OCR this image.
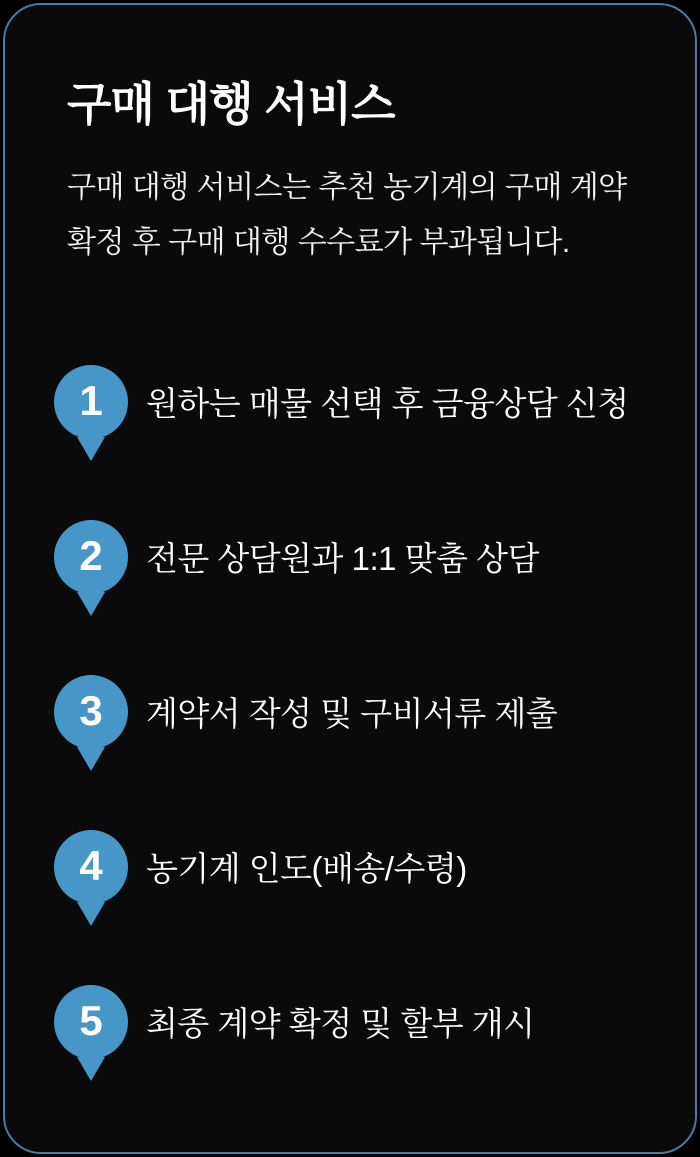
구매 대행 서비스

구매 대행 서비스는 추천 농기계의 구매 계약 확정 후 구매 대행 수수료가 부과됩니다.

1 원하는 매물 선택 후 금융상담 신청
2 전문 상담원과 1:1 맞춤 상담
3 계약서 작성 및 구비서류 제출
4 농기계 인도(배송/수령)
5 최종 계약 확정 및 할부 개시
